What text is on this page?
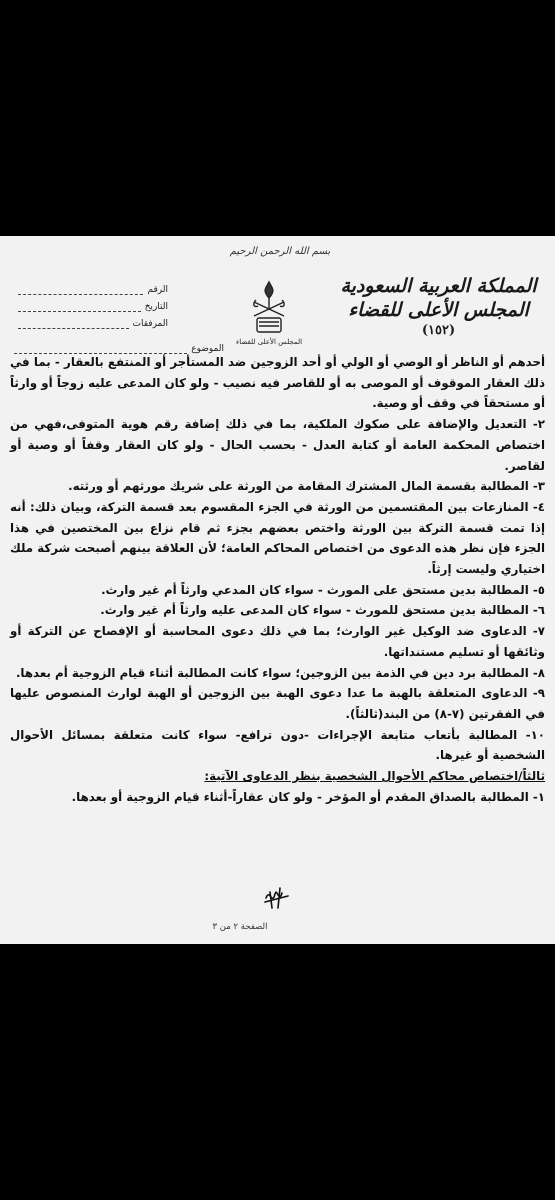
بسم الله الرحمن الرحيم
المملكة العربية السعودية
المجلس الأعلى للقضاء
(١٥٢)
المجلس الأعلى للقضاء
الرقم
التاريخ
المرفقات
الموضوع

أحدهم أو الناظر أو الوصي أو الولي أو أحد الزوجين ضد المستأجر أو المنتفع بالعقار - بما في ذلك العقار الموقوف أو الموصى به أو للقاصر فيه نصيب - ولو كان المدعى عليه زوجاً أو وارثاً أو مستحقاً في وقف أو وصية.

٢- التعديل والإضافة على صكوك الملكية، بما في ذلك إضافة رقم هوية المتوفى،فهي من اختصاص المحكمة العامة أو كتابة العدل - بحسب الحال - ولو كان العقار وقفاً أو وصية أو لقاصر.

٣- المطالبة بقسمة المال المشترك المقامة من الورثة على شريك مورثهم أو ورثته.

٤- المنازعات بين المقتسمين من الورثة في الجزء المقسوم بعد قسمة التركة، وبيان ذلك: أنه إذا تمت قسمة التركة بين الورثة واختص بعضهم بجزء ثم قام نزاع بين المختصين في هذا الجزء فإن نظر هذه الدعوى من اختصاص المحاكم العامة؛ لأن العلاقة بينهم أصبحت شركة ملك اختياري وليست إرثاً.

٥- المطالبة بدين مستحق على المورث - سواء كان المدعي وارثاً أم غير وارث.

٦- المطالبة بدين مستحق للمورث - سواء كان المدعى عليه وارثاً أم غير وارث.

٧- الدعاوى ضد الوكيل غير الوارث؛ بما في ذلك دعوى المحاسبة أو الإفصاح عن التركة أو وثائقها أو تسليم مستنداتها.

٨- المطالبة برد دين في الذمة بين الزوجين؛ سواء كانت المطالبة أثناء قيام الزوجية أم بعدها.

٩- الدعاوى المتعلقة بالهبة ما عدا دعوى الهبة بين الزوجين أو الهبة لوارث المنصوص عليها في الفقرتين (٧-٨) من البند(ثالثاً).

١٠- المطالبة بأتعاب متابعة الإجراءات -دون ترافع- سواء كانت متعلقة بمسائل الأحوال الشخصية أو غيرها.

ثالثاً/اختصاص محاكم الأحوال الشخصية بنظر الدعاوى الآتية:

١- المطالبة بالصداق المقدم أو المؤخر - ولو كان عقاراً-أثناء قيام الزوجية أو بعدها.

الصفحة ٢ من ٣
